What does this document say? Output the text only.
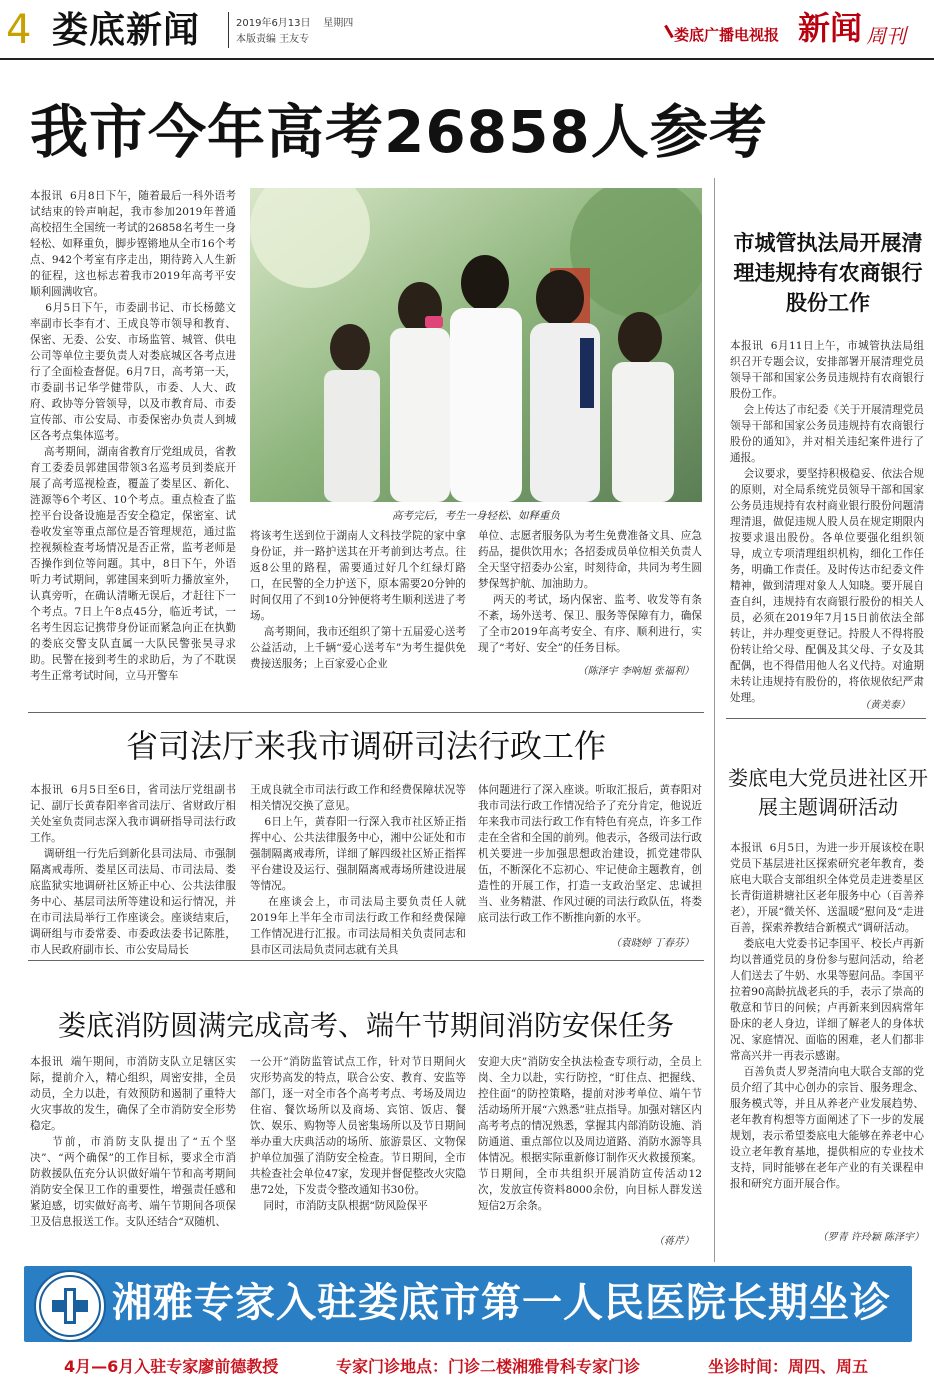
4 娄底新闻	2019年6月13日    星期四
本版责编 王友专	娄底广播电视报 新闻 周刊
我市今年高考26858人参考
本报讯  6月8日下午，随着最后一科外语考试结束的铃声响起，我市参加2019年普通高校招生全国统一考试的26858名考生一身轻松、如释重负，脚步铿锵地从全市16个考点、942个考室有序走出，期待跨入人生新的征程，这也标志着我市2019年高考平安顺利圆满收官。
6月5日下午，市委副书记、市长杨懿文率副市长李有才、王成良等市领导和教育、保密、无委、公安、市场监管、城管、供电公司等单位主要负责人对娄底城区各考点进行了全面检查督促。6月7日，高考第一天，市委副书记华学健带队，市委、人大、政府、政协等分管领导，以及市教育局、市委宣传部、市公安局、市委保密办负责人到城区各考点集体巡考。
高考期间，湖南省教育厅党组成员，省教育工委委员郭建国带领3名巡考员到娄底开展了高考巡视检查，覆盖了娄星区、新化、涟源等6个考区、10个考点。重点检查了监控平台设备设施是否安全稳定，保密室、试卷收发室等重点部位是否管理规范，通过监控视频检查考场情况是否正常，监考老师是否操作到位等问题。其中，8日下午，外语听力考试期间，郭建国来到听力播放室外，认真旁听，在确认清晰无误后，才赶往下一个考点。7日上午8点45分，临近考试，一名考生因忘记携带身份证而紧急向正在执勤的娄底交警支队直属一大队民警张昊寻求助。民警在接到考生的求助后，为了不耽误考生正常考试时间，立马开警车
高考完后，考生一身轻松、如释重负
将该考生送到位于湖南人文科技学院的家中拿身份证，并一路护送其在开考前到达考点。往返8公里的路程，需要通过好几个红绿灯路口，在民警的全力护送下，原本需要20分钟的时间仅用了不到10分钟便将考生顺利送进了考场。
高考期间，我市还组织了第十五届爱心送考公益活动，上千辆“爱心送考车”为考生提供免费接送服务；上百家爱心企业
单位、志愿者服务队为考生免费准备文具、应急药品，提供饮用水；各招委成员单位相关负责人全天坚守招委办公室，时刻待命，共同为考生圆梦保驾护航、加油助力。
两天的考试，场内保密、监考、收发等有条不紊，场外送考、保卫、服务等保障有力，确保了全市2019年高考安全、有序、顺利进行，实现了“考好、安全”的任务目标。
（陈泽宇 李响旭 张福利）
市城管执法局开展清理违规持有农商银行股份工作
本报讯  6月11日上午，市城管执法局组织召开专题会议，安排部署开展清理党员领导干部和国家公务员违规持有农商银行股份工作。
会上传达了市纪委《关于开展清理党员领导干部和国家公务员违规持有农商银行股份的通知》，并对相关违纪案件进行了通报。
会议要求，要坚持积极稳妥、依法合规的原则，对全局系统党员领导干部和国家公务员违规持有农村商业银行股份问题清理清退，做促违规人股人员在规定期限内按要求退出股份。各单位要强化组织领导，成立专项清理组织机构，细化工作任务，明确工作责任。及时传达市纪委文件精神，做到清理对象人人知晓。要开展自查自纠，违规持有农商银行股份的相关人员，必须在2019年7月15日前依法全部转让，并办理变更登记。持股人不得将股份转让给父母、配偶及其父母、子女及其配偶，也不得借用他人名义代持。对逾期未转让违规持有股份的，将依规依纪严肃处理。
（黄美泰）
省司法厅来我市调研司法行政工作
本报讯  6月5日至6日，省司法厅党组副书记、副厅长黄春阳率省司法厅、省财政厅相关处室负责同志深入我市调研指导司法行政工作。
调研组一行先后到新化县司法局、市强制隔离戒毒所、娄星区司法局、市司法局、娄底监狱实地调研社区矫正中心、公共法律服务中心、基层司法所等建设和运行情况，并在市司法局举行工作座谈会。座谈结束后，调研组与市委常委、市委政法委书记陈胜，市人民政府副市长、市公安局局长
王成良就全市司法行政工作和经费保障状况等相关情况交换了意见。
6日上午，黄春阳一行深入我市社区矫正指挥中心、公共法律服务中心，湘中公证处和市强制隔离戒毒所，详细了解四级社区矫正指挥平台建设及运行、强制隔离戒毒场所建设进展等情况。
在座谈会上，市司法局主要负责任人就2019年上半年全市司法行政工作和经费保障工作情况进行汇报。市司法局相关负责同志和县市区司法局负责同志就有关具
体问题进行了深入座谈。听取汇报后，黄春阳对我市司法行政工作情况给予了充分肯定，他说近年来我市司法行政工作有特色有亮点，许多工作走在全省和全国的前列。他表示，各级司法行政机关要进一步加强思想政治建设，抓党建带队伍，不断深化不忘初心、牢记使命主题教育，创造性的开展工作，打造一支政治坚定、忠诚担当、业务精湛、作风过硬的司法行政队伍，将娄底司法行政工作不断推向新的水平。
（袁晓婷 丁春芬）
娄底电大党员进社区开展主题调研活动
本报讯  6月5日，为进一步开展该校在职党员下基层进社区探索研究老年教育，娄底电大联合支部组织全体党员走进娄星区长青街道耕塘社区老年服务中心（百善养老），开展“微关怀、送温暖”慰问及“走进百善，探索养教结合新模式”调研活动。
娄底电大党委书记李国平、校长卢再新均以普通党员的身份参与慰问活动，给老人们送去了牛奶、水果等慰问品。李国平拉着90高龄抗战老兵的手，表示了崇高的敬意和节日的问候；卢再新来到因病常年卧床的老人身边，详细了解老人的身体状况、家庭情况、面临的困难，老人们都非常高兴并一再表示感谢。
百善负责人罗尧清向电大联合支部的党员介绍了其中心创办的宗旨、服务理念、服务模式等，并且从养老产业发展趋势、老年教育构想等方面阐述了下一步的发展规划，表示希望娄底电大能够在养老中心设立老年教育基地，提供相应的专业技术支持，同时能够在老年产业的有关课程申报和研究方面开展合作。
（罗青 许玲颖 陈泽宇）
娄底消防圆满完成高考、端午节期间消防安保任务
本报讯  端午期间，市消防支队立足辖区实际，提前介入，精心组织，周密安排，全员动员，全力以赴，有效预防和遏制了重特大火灾事故的发生，确保了全市消防安全形势稳定。
节前，市消防支队提出了“五个坚决”、“两个确保”的工作目标，要求全市消防救援队伍充分认识做好端午节和高考期间消防安全保卫工作的重要性，增强责任感和紧迫感，切实做好高考、端午节期间各项保卫及信息报送工作。支队还结合“双随机、
一公开”消防监管试点工作，针对节日期间火灾形势高发的特点，联合公安、教育、安监等部门，逐一对全市各个高考考点、考场及周边住宿、餐饮场所以及商场、宾馆、饭店、餐饮、娱乐、购物等人员密集场所以及节日期间举办重大庆典活动的场所、旅游景区、文物保护单位加强了消防安全检查。节日期间，全市共检查社会单位47家，发现并督促整改火灾隐患72处，下发责令整改通知书30份。
同时，市消防支队根据“防风险保平
安迎大庆”消防安全执法检查专项行动，全员上岗、全力以赴，实行防控，“盯住点、把握线、控住面”的防控策略，提前对涉考单位、端午节活动场所开展“六熟悉”驻点指导。加强对辖区内高考考点的情况熟悉，掌握其内部消防设施、消防通道、重点部位以及周边道路、消防水源等具体情况。根据实际重新修订制作灭火救援预案。节日期间，全市共组织开展消防宣传活动12次，发放宣传资料8000余份，向目标人群发送短信2万余条。
（蒋芹）
娄底市第一人民医院
湘雅专家入驻娄底市第一人民医院长期坐诊
4月—6月入驻专家廖前德教授	专家门诊地点：门诊二楼湘雅骨科专家门诊	坐诊时间：周四、周五
